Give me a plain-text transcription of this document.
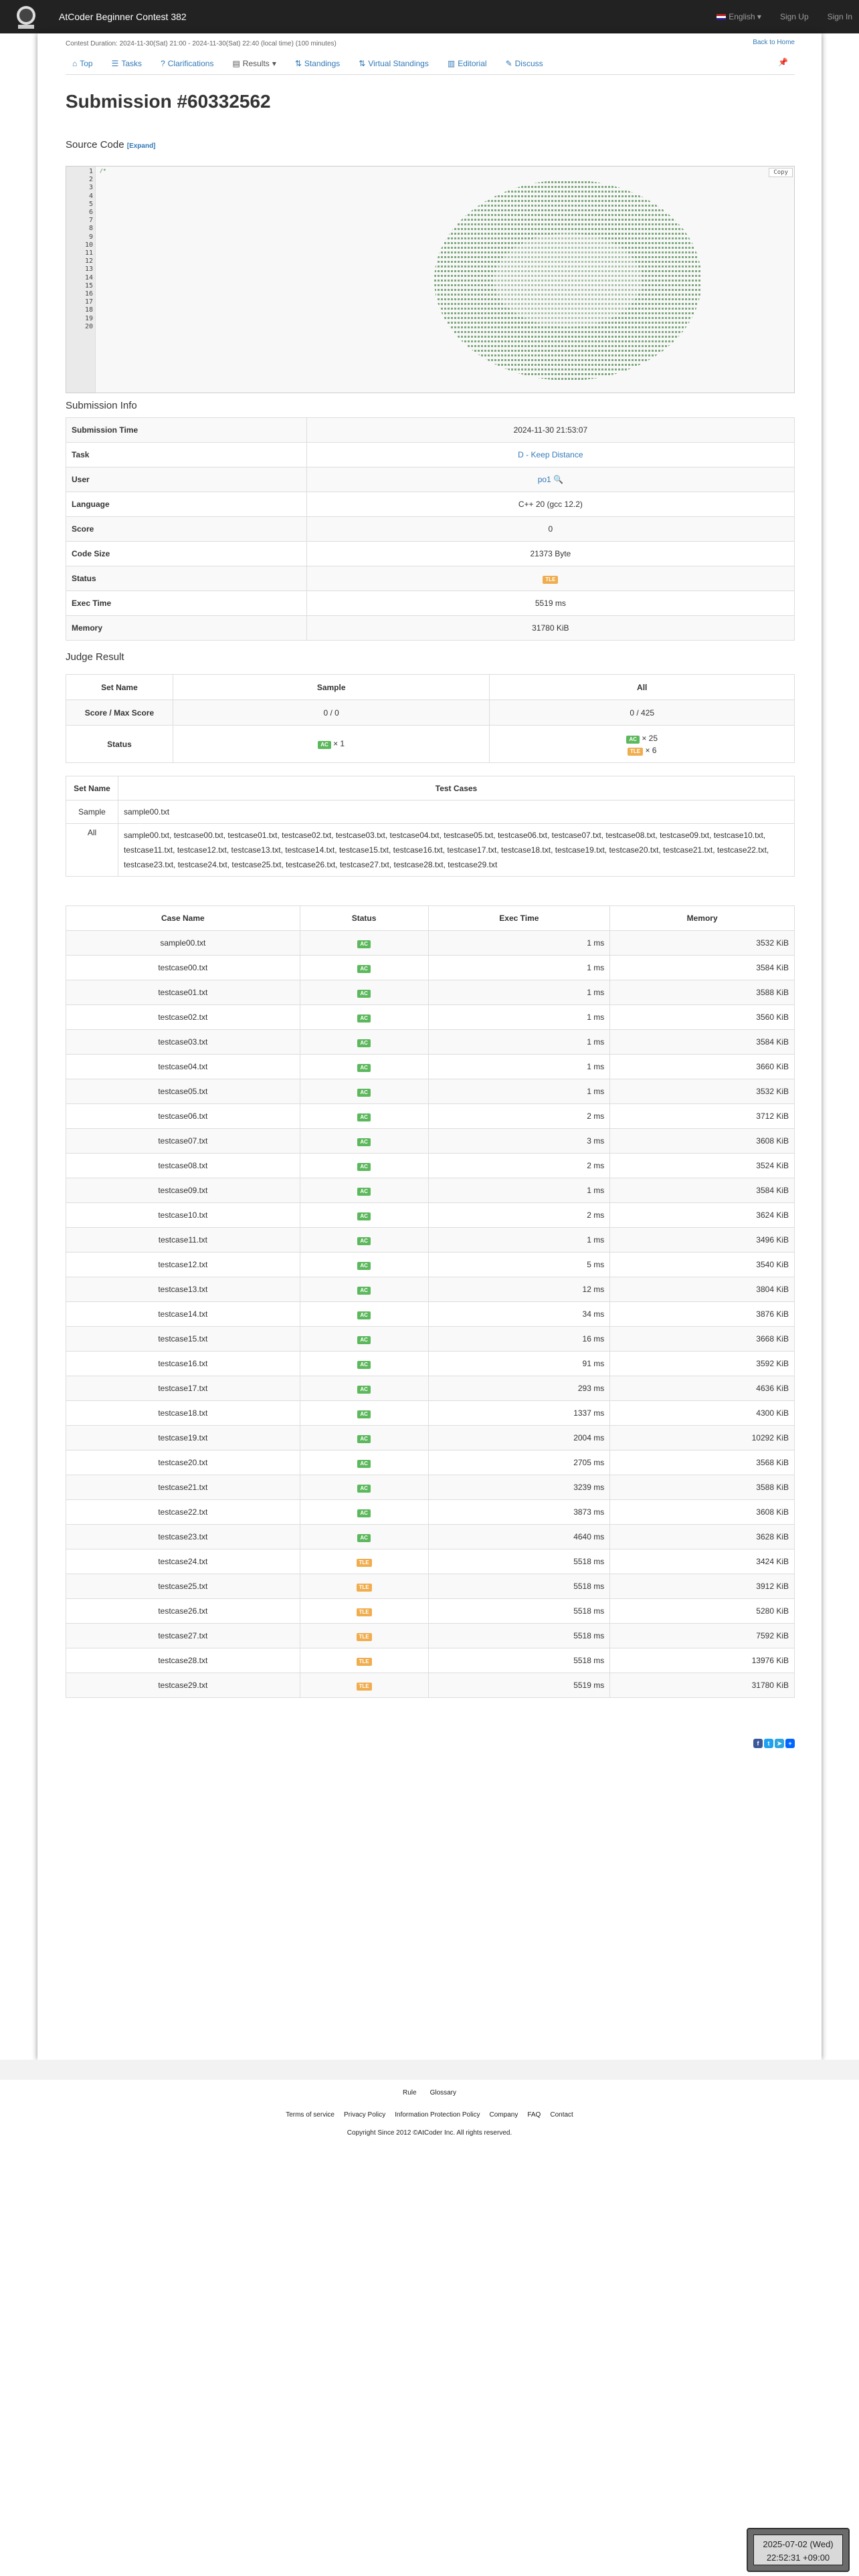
AtCoder Beginner Contest 382	English ▾ Sign Up Sign In
Contest Duration: 2024-11-30(Sat) 21:00 - 2024-11-30(Sat) 22:40 (local time) (100 minutes)	Back to Home
⌂ Top ☰ Tasks ? Clarifications ▤ Results ▾ ⇅ Standings ⇅ Virtual Standings ▥ Editorial ✎ Discuss	📌
Submission #60332562
Source Code [Expand]
1
2
3
4
5
6
7
8
9
10
11
12
13
14
15
16
17
18
19
20
/*	Copy
Submission Info
Submission Time	2024-11-30 21:53:07
Task	D - Keep Distance
User	po1 🔍
Language	C++ 20 (gcc 12.2)
Score	0
Code Size	21373 Byte
Status	TLE
Exec Time	5519 ms
Memory	31780 KiB
Judge Result
Set Name	Sample	All
Score / Max Score	0 / 0	0 / 425
Status	AC × 1	AC × 25
TLE × 6
Set Name	Test Cases
Sample	sample00.txt
All	sample00.txt, testcase00.txt, testcase01.txt, testcase02.txt, testcase03.txt, testcase04.txt, testcase05.txt, testcase06.txt, testcase07.txt, testcase08.txt, testcase09.txt, testcase10.txt, testcase11.txt, testcase12.txt, testcase13.txt, testcase14.txt, testcase15.txt, testcase16.txt, testcase17.txt, testcase18.txt, testcase19.txt, testcase20.txt, testcase21.txt, testcase22.txt, testcase23.txt, testcase24.txt, testcase25.txt, testcase26.txt, testcase27.txt, testcase28.txt, testcase29.txt
Case Name	Status	Exec Time	Memory
sample00.txt	AC	1 ms	3532 KiB
testcase00.txt	AC	1 ms	3584 KiB
testcase01.txt	AC	1 ms	3588 KiB
testcase02.txt	AC	1 ms	3560 KiB
testcase03.txt	AC	1 ms	3584 KiB
testcase04.txt	AC	1 ms	3660 KiB
testcase05.txt	AC	1 ms	3532 KiB
testcase06.txt	AC	2 ms	3712 KiB
testcase07.txt	AC	3 ms	3608 KiB
testcase08.txt	AC	2 ms	3524 KiB
testcase09.txt	AC	1 ms	3584 KiB
testcase10.txt	AC	2 ms	3624 KiB
testcase11.txt	AC	1 ms	3496 KiB
testcase12.txt	AC	5 ms	3540 KiB
testcase13.txt	AC	12 ms	3804 KiB
testcase14.txt	AC	34 ms	3876 KiB
testcase15.txt	AC	16 ms	3668 KiB
testcase16.txt	AC	91 ms	3592 KiB
testcase17.txt	AC	293 ms	4636 KiB
testcase18.txt	AC	1337 ms	4300 KiB
testcase19.txt	AC	2004 ms	10292 KiB
testcase20.txt	AC	2705 ms	3568 KiB
testcase21.txt	AC	3239 ms	3588 KiB
testcase22.txt	AC	3873 ms	3608 KiB
testcase23.txt	AC	4640 ms	3628 KiB
testcase24.txt	TLE	5518 ms	3424 KiB
testcase25.txt	TLE	5518 ms	3912 KiB
testcase26.txt	TLE	5518 ms	5280 KiB
testcase27.txt	TLE	5518 ms	7592 KiB
testcase28.txt	TLE	5518 ms	13976 KiB
testcase29.txt	TLE	5519 ms	31780 KiB
f	t	➤	+
Rule Glossary
Terms of service Privacy Policy Information Protection Policy Company FAQ Contact
Copyright Since 2012 ©AtCoder Inc. All rights reserved.
2025-07-02 (Wed)
22:52:31 +09:00
